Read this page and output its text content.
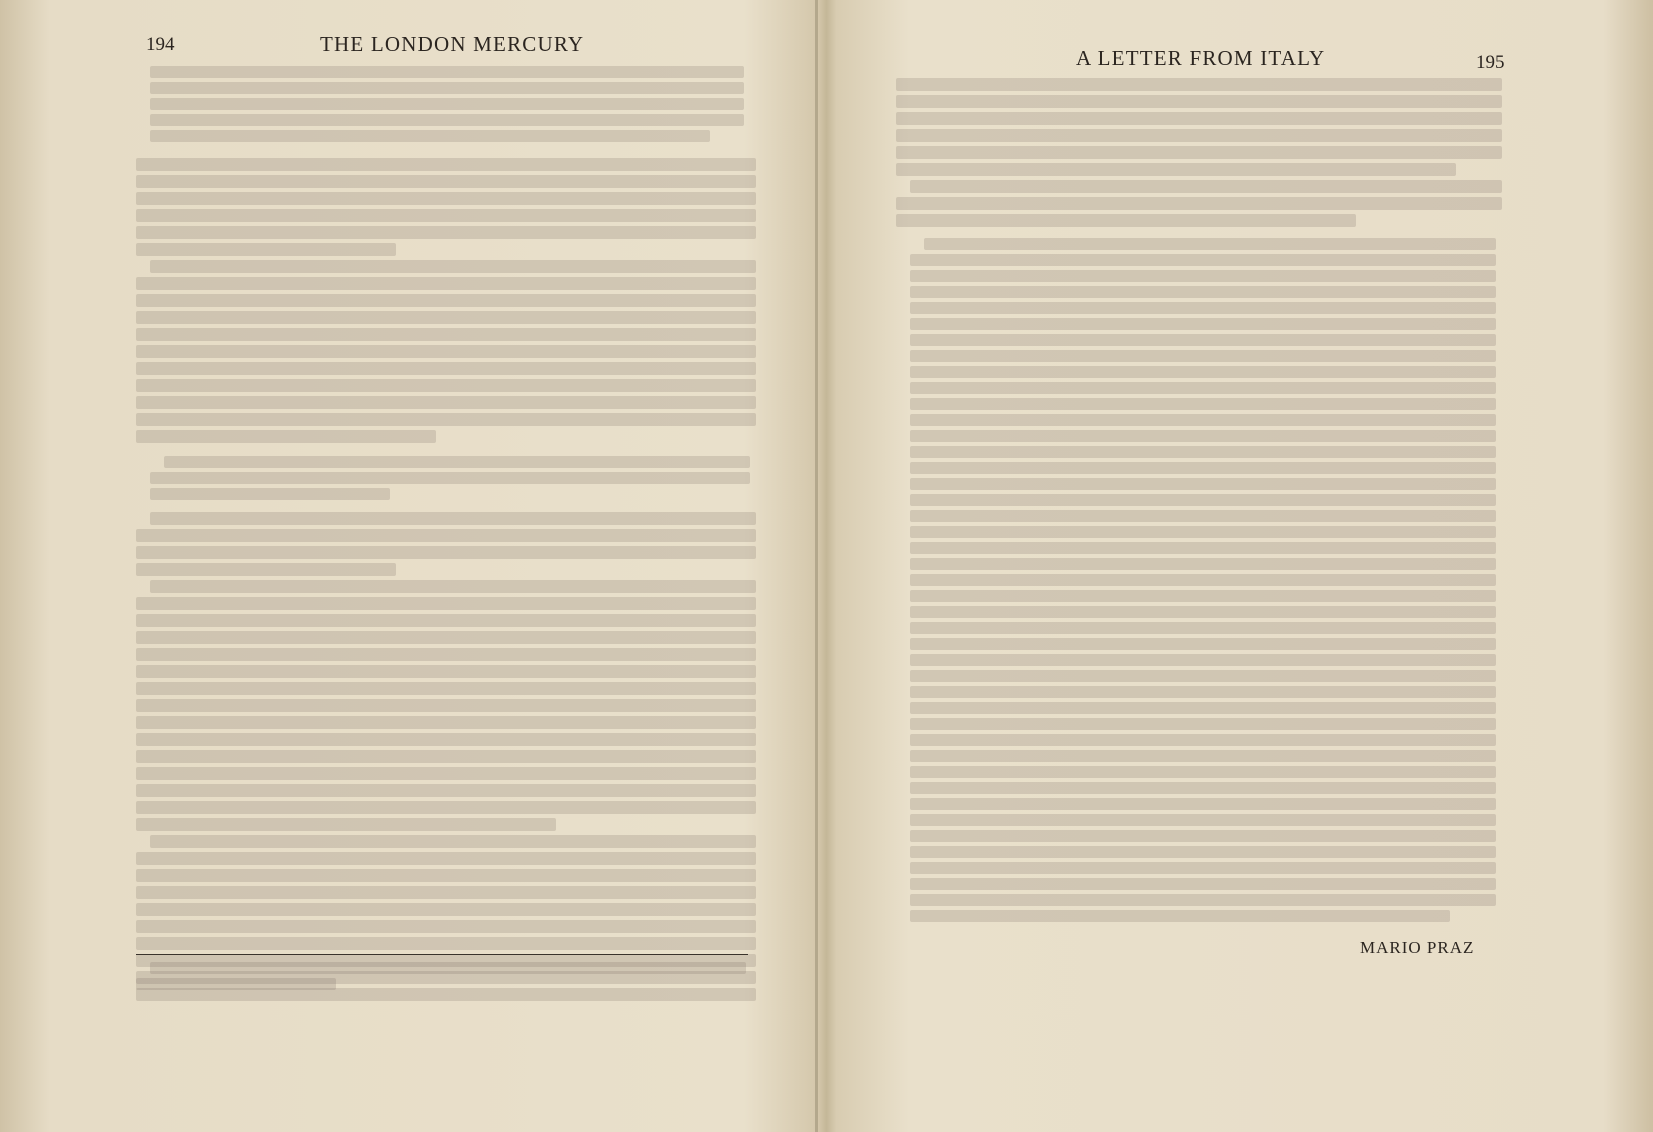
194	THE LONDON MERCURY
A LETTER FROM ITALY	195
MARIO PRAZ
